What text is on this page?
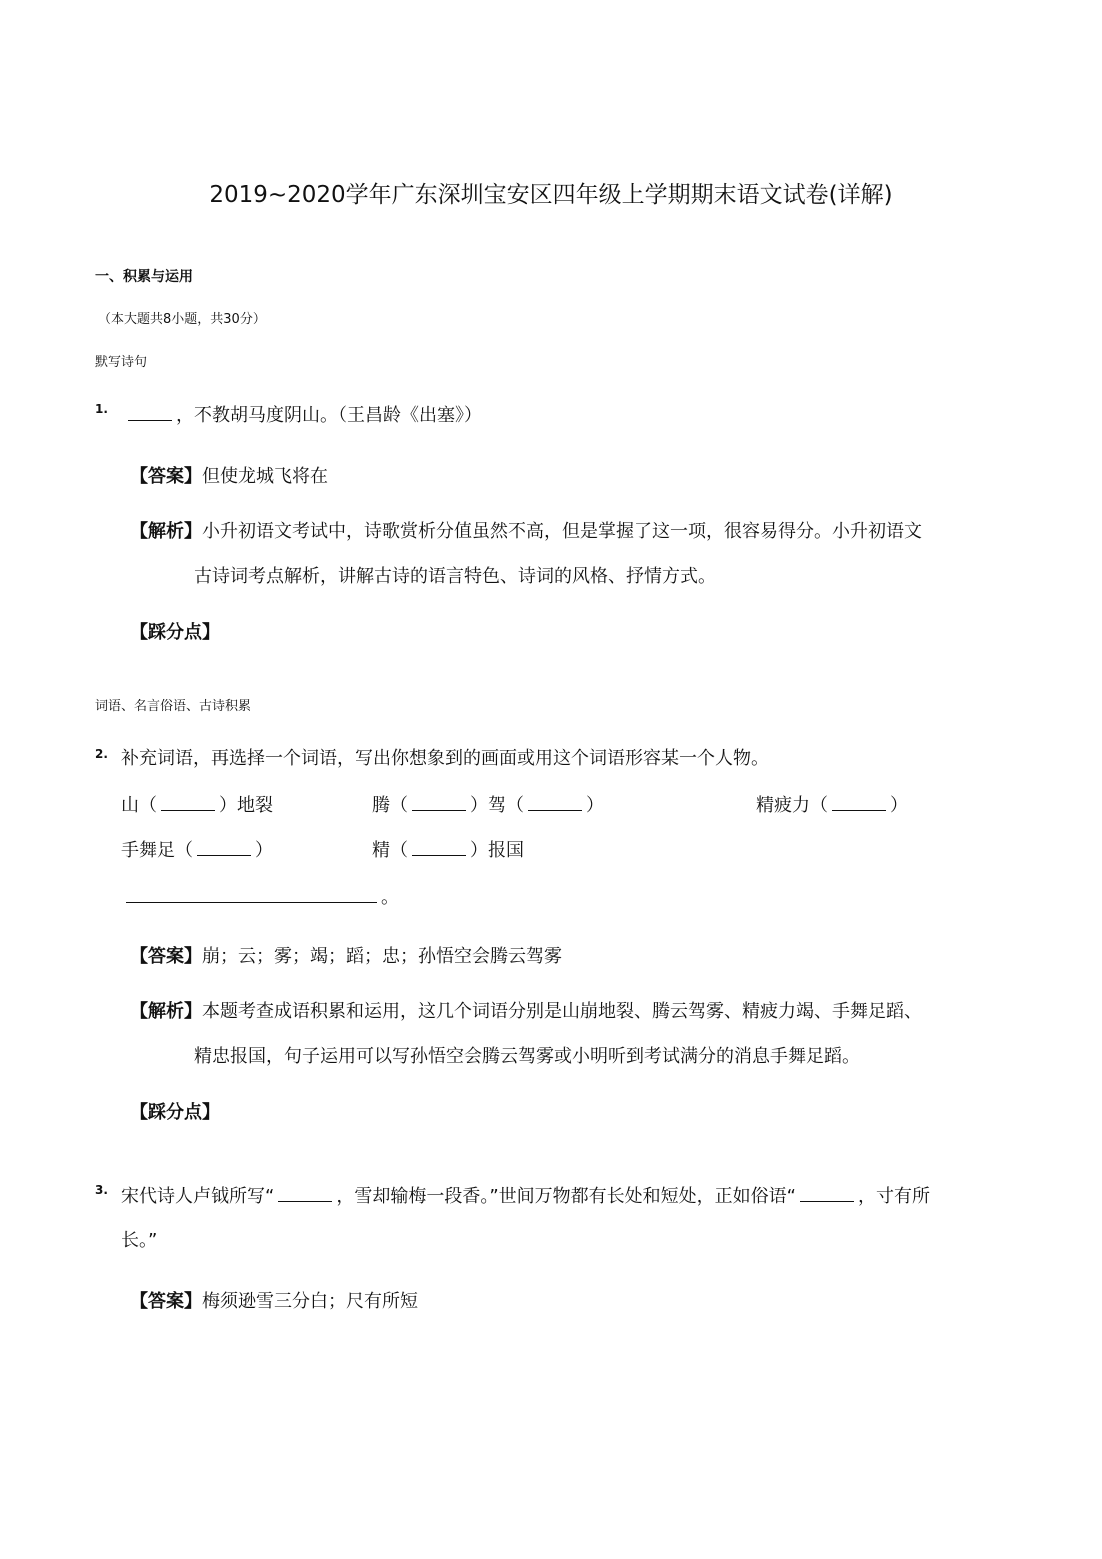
2019~2020学年广东深圳宝安区四年级上学期期末语文试卷(详解)
一、积累与运用
（本大题共8小题，共30分）
默写诗句
1.	，不教胡马度阴山。（王昌龄《出塞》）
【答案】但使龙城飞将在
【解析】小升初语文考试中，诗歌赏析分值虽然不高，但是掌握了这一项，很容易得分。小升初语文
古诗词考点解析，讲解古诗的语言特色、诗词的风格、抒情方式。
【踩分点】
词语、名言俗语、古诗积累
2. 补充词语，再选择一个词语，写出你想象到的画面或用这个词语形容某一个人物。
山（	）地裂	腾（	）驾（	）	精疲力（	）
手舞足（	）	精（	）报国
。
【答案】崩；云；雾；竭；蹈；忠；孙悟空会腾云驾雾
【解析】本题考查成语积累和运用，这几个词语分别是山崩地裂、腾云驾雾、精疲力竭、手舞足蹈、
精忠报国，句子运用可以写孙悟空会腾云驾雾或小明听到考试满分的消息手舞足蹈。
【踩分点】
3. 宋代诗人卢钺所写“	，雪却输梅一段香。”世间万物都有长处和短处，正如俗语“	，寸有所
长。”
【答案】梅须逊雪三分白；尺有所短
